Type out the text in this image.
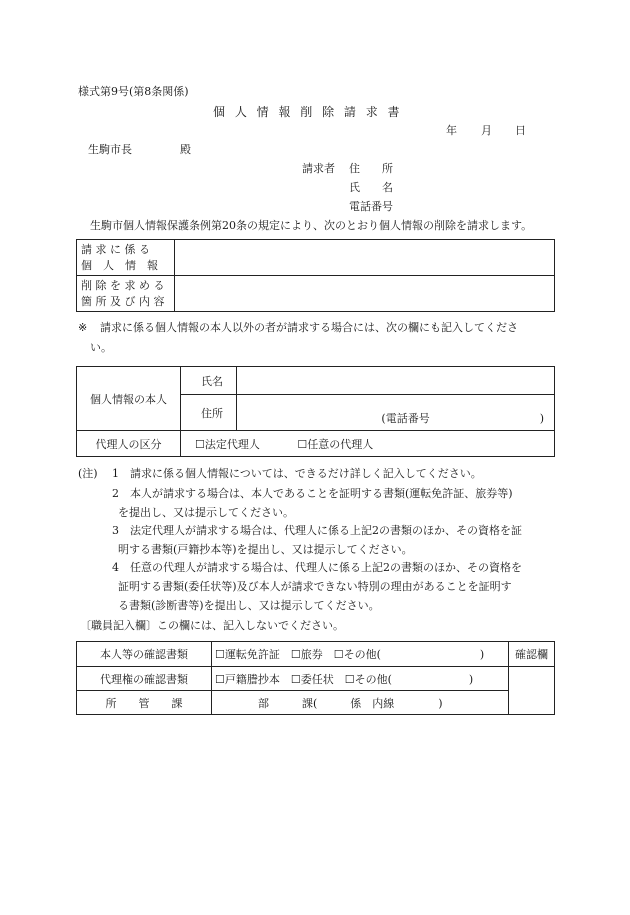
様式第9号(第8条関係)
個 人 情 報 削 除 請 求 書
年 月 日
生駒市長	殿
請求者 住　　所
氏　　名
電話番号
生駒市個人情報保護条例第20条の規定により、次のとおり個人情報の削除を請求します。
請 求 に 係 る
個　人　情　報	

削 除 を 求 め る
箇 所 及 び 内 容	

※ 請求に係る個人情報の本人以外の者が請求する場合には、次の欄にも記入してくださ
い。
個人情報の本人	氏名	
	住所	(電話番号　　　　　　　　　　)

代理人の区分	☐法定代理人 ☐任意の代理人	
(注) 1　請求に係る個人情報については、できるだけ詳しく記入してください。
2　本人が請求する場合は、本人であることを証明する書類(運転免許証、旅券等)
を提出し、又は提示してください。
3　法定代理人が請求する場合は、代理人に係る上記2の書類のほか、その資格を証
明する書類(戸籍抄本等)を提出し、又は提示してください。
4　任意の代理人が請求する場合は、代理人に係る上記2の書類のほか、その資格を
証明する書類(委任状等)及び本人が請求できない特別の理由があることを証明す
る書類(診断書等)を提出し、又は提示してください。
〔職員記入欄〕この欄には、記入しないでください。
本人等の確認書類	☐運転免許証　☐旅券　☐その他(　　　　　　　　　)	確認欄
代理権の確認書類	☐戸籍謄抄本　☐委任状　☐その他(　　　　　　　)	
所　　管　　課	部　　　課(　　　係　内線　　　　)	
